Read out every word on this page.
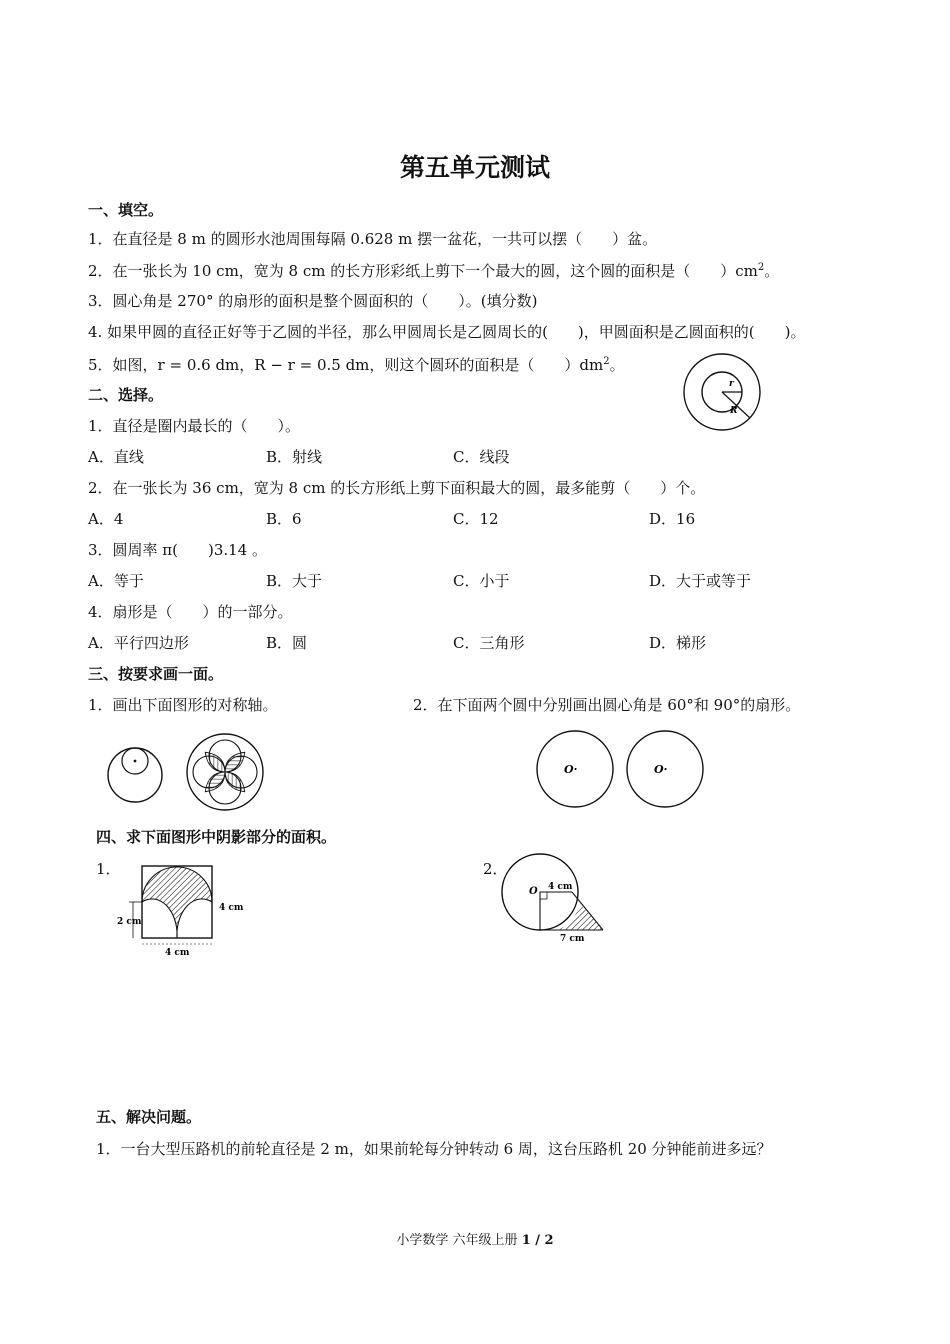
第五单元测试
一、填空。
1．在直径是 8 m 的圆形水池周围每隔 0.628 m 摆一盆花，一共可以摆（　　）盆。
2．在一张长为 10 cm，宽为 8 cm 的长方形彩纸上剪下一个最大的圆，这个圆的面积是（　　）$cm^2$。
3．圆心角是 270° 的扇形的面积是整个圆面积的（　　）。(填分数)
4. 如果甲圆的直径正好等于乙圆的半径，那么甲圆周长是乙圆周长的(　　)，甲圆面积是乙圆面积的(　　)。
5．如图，r = 0.6 dm，R − r = 0.5 dm，则这个圆环的面积是（　　）$dm^2$。
r
R
二、选择。
1．直径是圈内最长的（　　）。
A．直线	B．射线	C．线段
2．在一张长为 36 cm，宽为 8 cm 的长方形纸上剪下面积最大的圆，最多能剪（　　）个。
A．4	B．6	C．12	D．16
3．圆周率 π(　　)3.14 。
A．等于	B．大于	C．小于	D．大于或等于
4．扇形是（　　）的一部分。
A．平行四边形	B．圆	C．三角形	D．梯形
三、按要求画一面。
1．画出下面图形的对称轴。	2．在下面两个圆中分别画出圆心角是 60°和 90°的扇形。
O·	O·
四、求下面图形中阴影部分的面积。
1．	2．
2 cm
4 cm
4 cm
O 4 cm
7 cm
五、解决问题。
1．一台大型压路机的前轮直径是 2 m，如果前轮每分钟转动 6 周，这台压路机 20 分钟能前进多远？
小学数学 六年级上册 1 / 2
